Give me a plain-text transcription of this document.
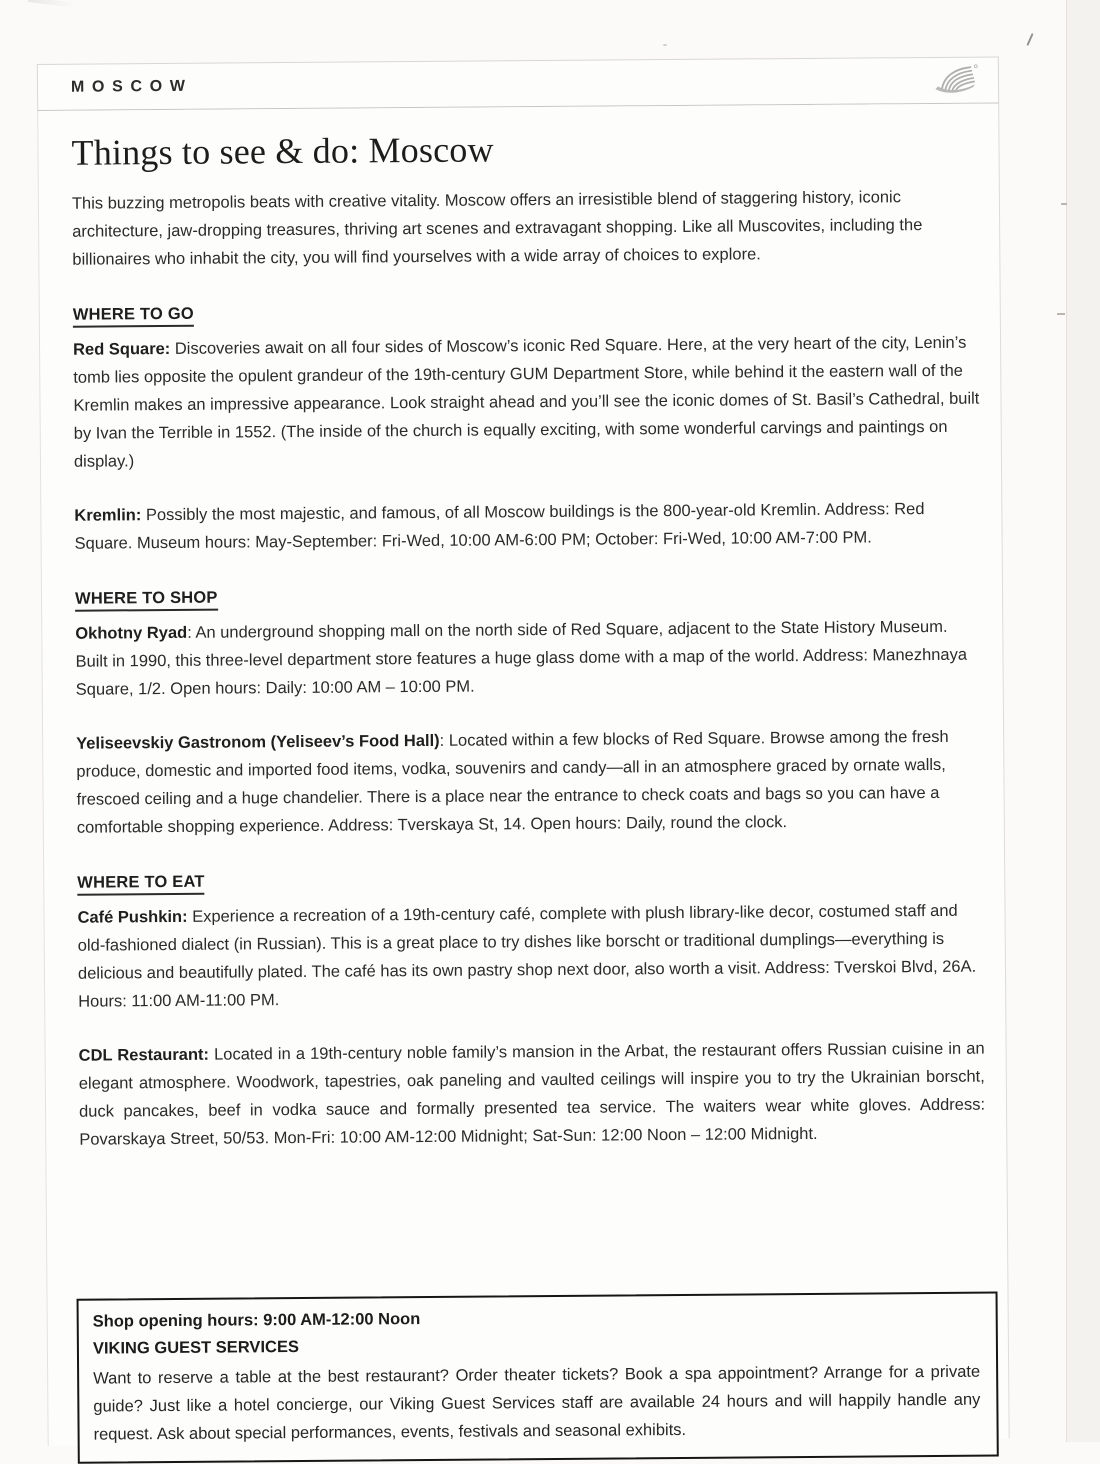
MOSCOW
Things to see & do: Moscow

This buzzing metropolis beats with creative vitality. Moscow offers an irresistible blend of staggering history, iconic architecture, jaw-dropping treasures, thriving art scenes and extravagant shopping. Like all Muscovites, including the billionaires who inhabit the city, you will find yourselves with a wide array of choices to explore.

WHERE TO GO

Red Square: Discoveries await on all four sides of Moscow’s iconic Red Square. Here, at the very heart of the city, Lenin’s tomb lies opposite the opulent grandeur of the 19th-century GUM Department Store, while behind it the eastern wall of the Kremlin makes an impressive appearance. Look straight ahead and you’ll see the iconic domes of St. Basil’s Cathedral, built by Ivan the Terrible in 1552. (The inside of the church is equally exciting, with some wonderful carvings and paintings on display.)

Kremlin: Possibly the most majestic, and famous, of all Moscow buildings is the 800-year-old Kremlin. Address: Red Square. Museum hours: May-September: Fri-Wed, 10:00 AM-6:00 PM; October: Fri-Wed, 10:00 AM-7:00 PM.

WHERE TO SHOP

Okhotny Ryad: An underground shopping mall on the north side of Red Square, adjacent to the State History Museum. Built in 1990, this three-level department store features a huge glass dome with a map of the world. Address: Manezhnaya Square, 1/2. Open hours: Daily: 10:00 AM – 10:00 PM.

Yeliseevskiy Gastronom (Yeliseev’s Food Hall): Located within a few blocks of Red Square. Browse among the fresh produce, domestic and imported food items, vodka, souvenirs and candy—all in an atmosphere graced by ornate walls, frescoed ceiling and a huge chandelier. There is a place near the entrance to check coats and bags so you can have a comfortable shopping experience. Address: Tverskaya St, 14. Open hours: Daily, round the clock.

WHERE TO EAT

Café Pushkin: Experience a recreation of a 19th-century café, complete with plush library-like decor, costumed staff and old-fashioned dialect (in Russian). This is a great place to try dishes like borscht or traditional dumplings—everything is delicious and beautifully plated. The café has its own pastry shop next door, also worth a visit. Address: Tverskoi Blvd, 26A. Hours: 11:00 AM-11:00 PM.

CDL Restaurant: Located in a 19th-century noble family’s mansion in the Arbat, the restaurant offers Russian cuisine in an elegant atmosphere. Woodwork, tapestries, oak paneling and vaulted ceilings will inspire you to try the Ukrainian borscht, duck pancakes, beef in vodka sauce and formally presented tea service. The waiters wear white gloves. Address: Povarskaya Street, 50/53. Mon-Fri: 10:00 AM-12:00 Midnight; Sat-Sun: 12:00 Noon – 12:00 Midnight.

Shop opening hours: 9:00 AM-12:00 Noon
VIKING GUEST SERVICES
Want to reserve a table at the best restaurant? Order theater tickets? Book a spa appointment? Arrange for a private guide? Just like a hotel concierge, our Viking Guest Services staff are available 24 hours and will happily handle any request. Ask about special performances, events, festivals and seasonal exhibits.
